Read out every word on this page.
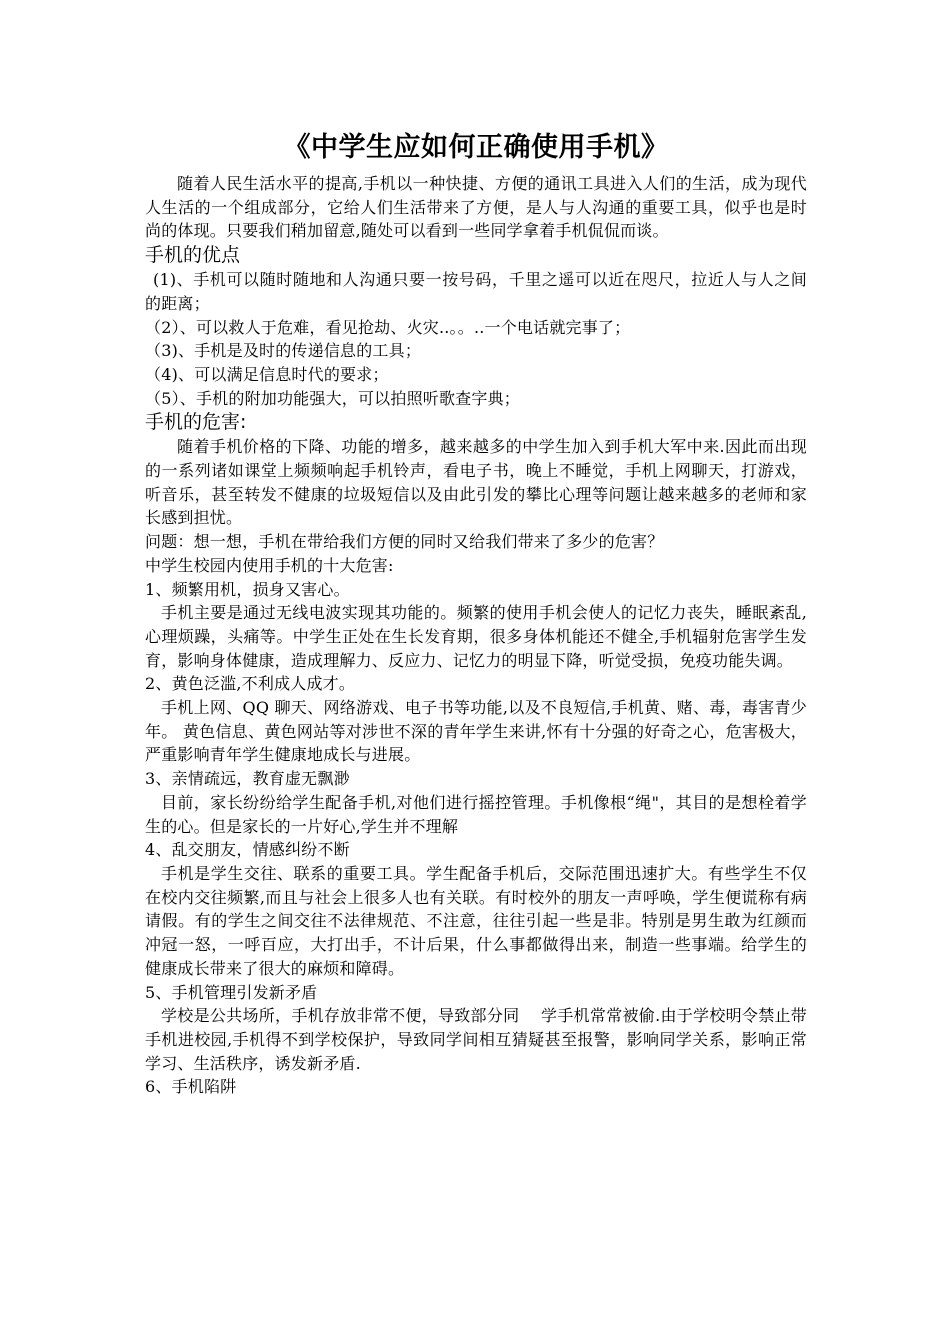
《中学生应如何正确使用手机》

随着人民生活水平的提高,手机以一种快捷、方便的通讯工具进入人们的生活，成为现代人生活的一个组成部分，它给人们生活带来了方便，是人与人沟通的重要工具，似乎也是时尚的体现。只要我们稍加留意,随处可以看到一些同学拿着手机侃侃而谈。

手机的优点

(1)、手机可以随时随地和人沟通只要一按号码，千里之遥可以近在咫尺，拉近人与人之间的距离；

（2）、可以救人于危难，看见抢劫、火灾..。。..一个电话就完事了；

（3)、手机是及时的传递信息的工具；

（4)、可以满足信息时代的要求；

（5）、手机的附加功能强大，可以拍照听歌查字典；

手机的危害:

随着手机价格的下降、功能的增多，越来越多的中学生加入到手机大军中来.因此而出现的一系列诸如课堂上频频响起手机铃声，看电子书，晚上不睡觉，手机上网聊天，打游戏，听音乐，甚至转发不健康的垃圾短信以及由此引发的攀比心理等问题让越来越多的老师和家长感到担忧。

问题：想一想，手机在带给我们方便的同时又给我们带来了多少的危害？

中学生校园内使用手机的十大危害:

1、频繁用机，损身又害心。

手机主要是通过无线电波实现其功能的。频繁的使用手机会使人的记忆力丧失，睡眠紊乱,心理烦躁，头痛等。中学生正处在生长发育期，很多身体机能还不健全,手机辐射危害学生发育，影响身体健康，造成理解力、反应力、记忆力的明显下降，听觉受损，免疫功能失调。

2、黄色泛滥,不利成人成才。

手机上网、QQ 聊天、网络游戏、电子书等功能,以及不良短信,手机黄、赌、毒，毒害青少年。 黄色信息、黄色网站等对涉世不深的青年学生来讲,怀有十分强的好奇之心，危害极大，严重影响青年学生健康地成长与进展。

3、亲情疏远，教育虚无飘渺

目前，家长纷纷给学生配备手机,对他们进行摇控管理。手机像根“绳"，其目的是想栓着学生的心。但是家长的一片好心,学生并不理解

4、乱交朋友，情感纠纷不断

手机是学生交往、联系的重要工具。学生配备手机后，交际范围迅速扩大。有些学生不仅在校内交往频繁,而且与社会上很多人也有关联。有时校外的朋友一声呼唤，学生便谎称有病请假。有的学生之间交往不法律规范、不注意，往往引起一些是非。特别是男生敢为红颜而冲冠一怒，一呼百应，大打出手，不计后果，什么事都做得出来，制造一些事端。给学生的健康成长带来了很大的麻烦和障碍。

5、手机管理引发新矛盾

学校是公共场所，手机存放非常不便，导致部分同　 学手机常常被偷.由于学校明令禁止带手机进校园,手机得不到学校保护，导致同学间相互猜疑甚至报警，影响同学关系，影响正常学习、生活秩序，诱发新矛盾.

6、手机陷阱
